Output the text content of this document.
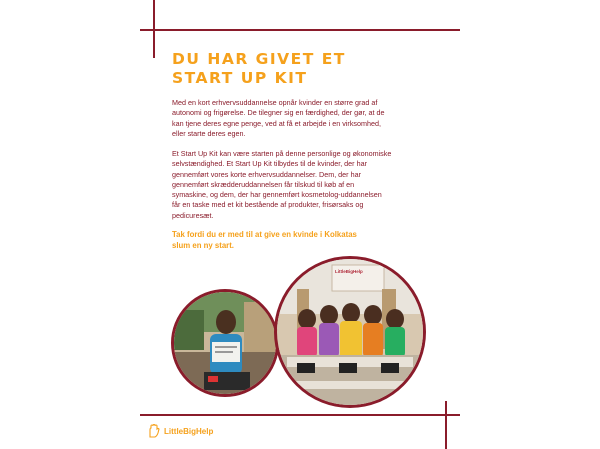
DU HAR GIVET ET
START UP KIT

Med en kort erhvervsuddannelse opnår kvinder en større grad af
autonomi og frigørelse. De tilegner sig en færdighed, der gør, at de
kan tjene deres egne penge, ved at få et arbejde i en virksomhed,
eller starte deres egen.

Et Start Up Kit kan være starten på denne personlige og økonomiske
selvstændighed. Et Start Up Kit tilbydes til de kvinder, der har
gennemført vores korte erhvervsuddannelser. Dem, der har
gennemført skrædderuddannelsen får tilskud til køb af en
symaskine, og dem, der har gennemført kosmetolog-uddannelsen
får en taske med et kit bestående af produkter, frisørsaks og
pedicuresæt.

Tak fordi du er med til at give en kvinde i Kolkatas
slum en ny start.

LittleBigHelp
LittleBigHelp
